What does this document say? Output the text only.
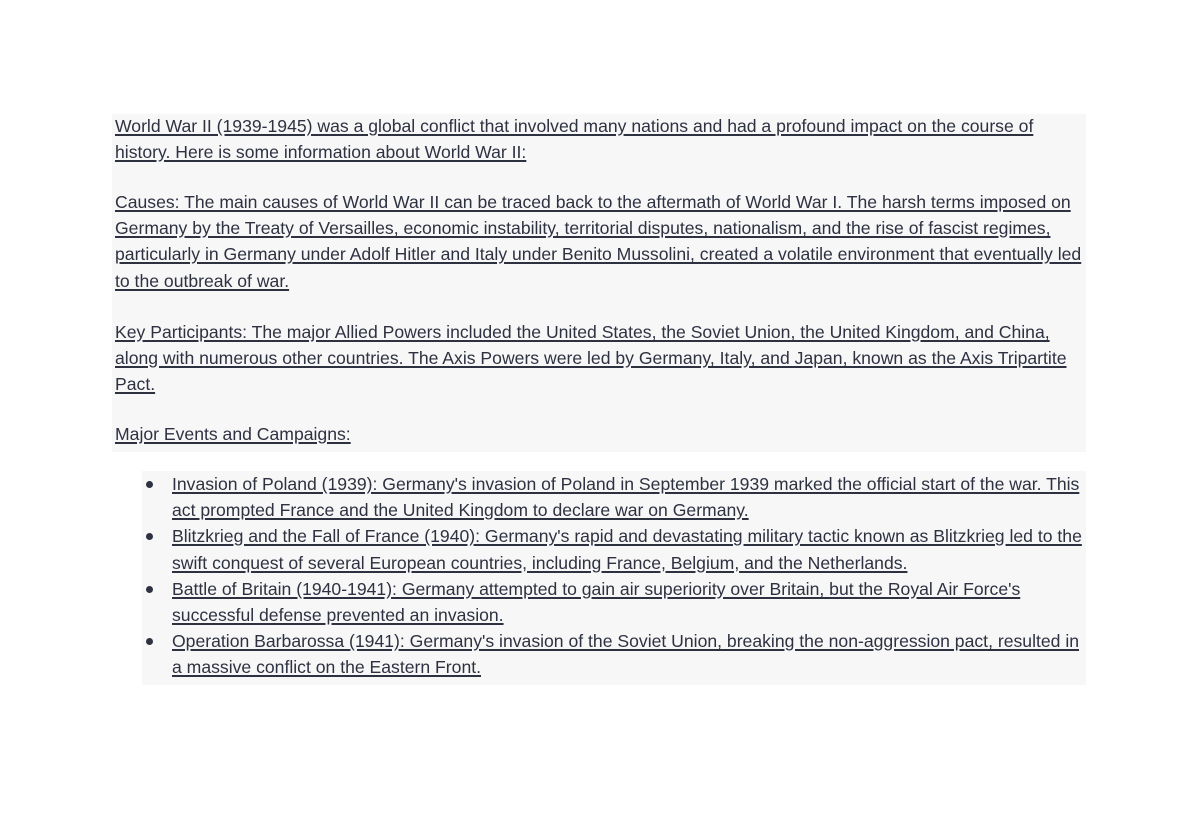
World War II (1939-1945) was a global conflict that involved many nations and had a profound impact on the course of history. Here is some information about World War II:

Causes: The main causes of World War II can be traced back to the aftermath of World War I. The harsh terms imposed on Germany by the Treaty of Versailles, economic instability, territorial disputes, nationalism, and the rise of fascist regimes, particularly in Germany under Adolf Hitler and Italy under Benito Mussolini, created a volatile environment that eventually led to the outbreak of war.

Key Participants: The major Allied Powers included the United States, the Soviet Union, the United Kingdom, and China, along with numerous other countries. The Axis Powers were led by Germany, Italy, and Japan, known as the Axis Tripartite Pact.

Major Events and Campaigns:

Invasion of Poland (1939): Germany's invasion of Poland in September 1939 marked the official start of the war. This act prompted France and the United Kingdom to declare war on Germany.
Blitzkrieg and the Fall of France (1940): Germany's rapid and devastating military tactic known as Blitzkrieg led to the swift conquest of several European countries, including France, Belgium, and the Netherlands.
Battle of Britain (1940-1941): Germany attempted to gain air superiority over Britain, but the Royal Air Force's successful defense prevented an invasion.
Operation Barbarossa (1941): Germany's invasion of the Soviet Union, breaking the non-aggression pact, resulted in a massive conflict on the Eastern Front.
